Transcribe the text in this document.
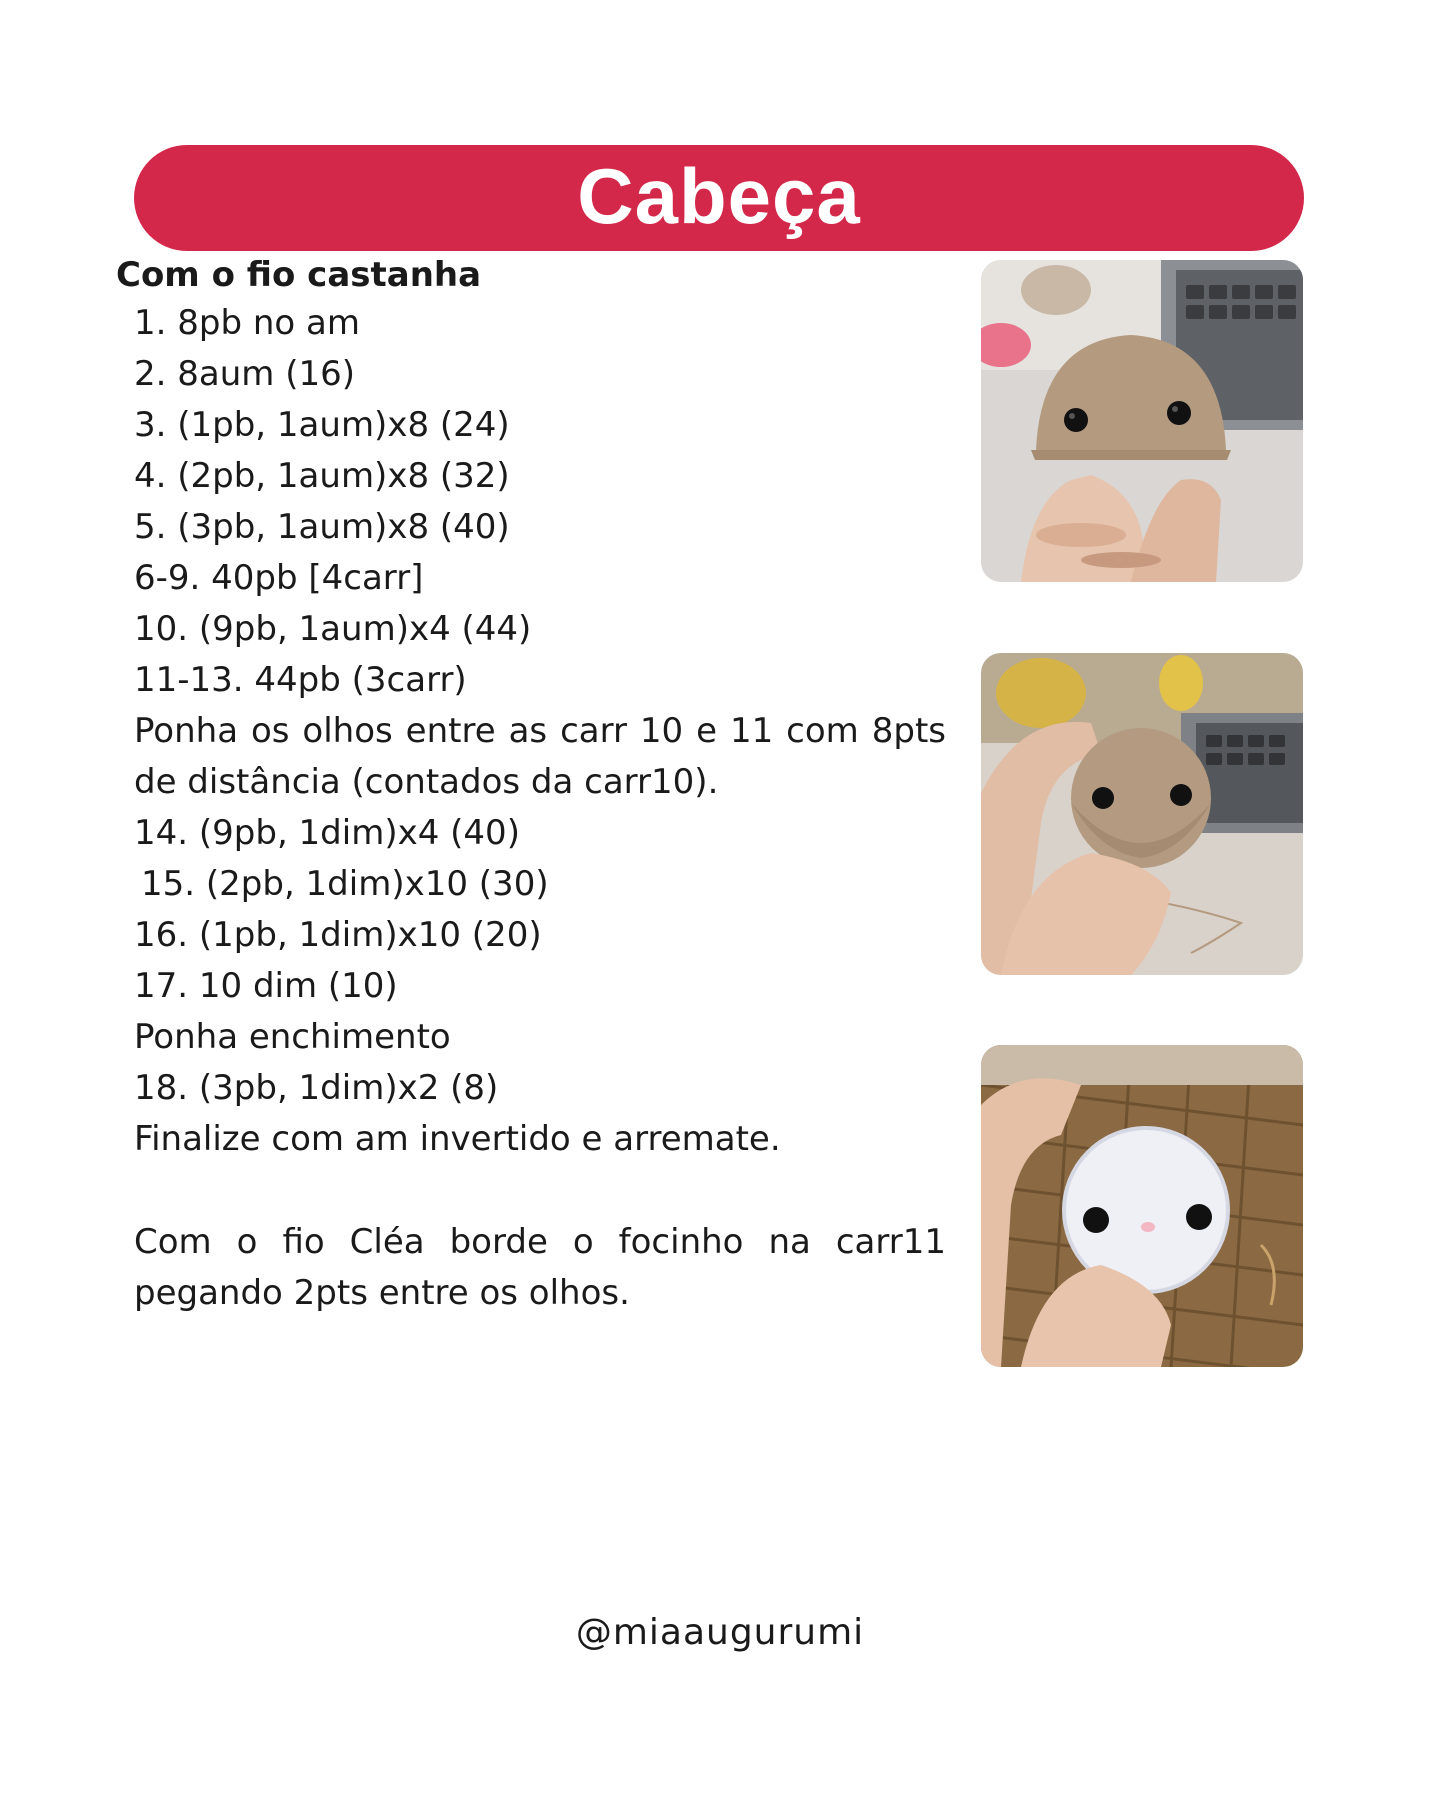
Cabeça

Com o fio castanha

1. 8pb no am
2. 8aum (16)
3. (1pb, 1aum)x8 (24)
4. (2pb, 1aum)x8 (32)
5. (3pb, 1aum)x8 (40)
6-9. 40pb [4carr]
10. (9pb, 1aum)x4 (44)
11-13. 44pb (3carr)
Ponha os olhos entre as carr 10 e 11 com 8pts de distância (contados da carr10).
14. (9pb, 1dim)x4 (40)
15. (2pb, 1dim)x10 (30)
16. (1pb, 1dim)x10 (20)
17. 10 dim (10)
Ponha enchimento
18. (3pb, 1dim)x2 (8)
Finalize com am invertido e arremate.

Com o fio Cléa borde o focinho na carr11 pegando 2pts entre os olhos.

@miaaugurumi
